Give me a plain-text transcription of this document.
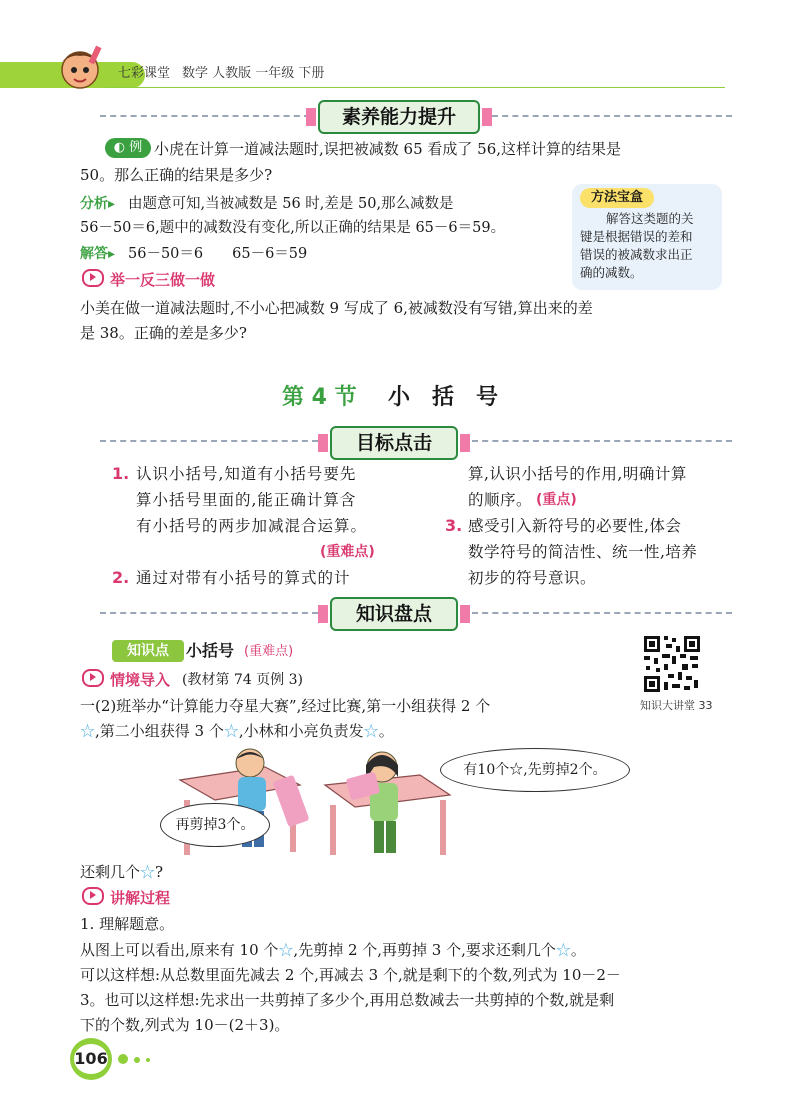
七彩课堂 数学 人教版 一年级 下册
素养能力提升
◐ 例 小虎在计算一道减法题时,误把被减数 65 看成了 56,这样计算的结果是
50。那么正确的结果是多少?
分析▸ 由题意可知,当被减数是 56 时,差是 50,那么减数是
56－50＝6,题中的减数没有变化,所以正确的结果是 65－6＝59。
解答▸ 56－50＝6　　65－6＝59
方法宝盒
解答这类题的关
键是根据错误的差和
错误的被减数求出正
确的减数。
举一反三做一做
小美在做一道减法题时,不小心把减数 9 写成了 6,被减数没有写错,算出来的差
是 38。正确的差是多少?
第 4 节 小　括　号
目标点击
1. 认识小括号,知道有小括号要先
算小括号里面的,能正确计算含
有小括号的两步加减混合运算。
(重难点)
2. 通过对带有小括号的算式的计
算,认识小括号的作用,明确计算
的顺序。 (重点)
3. 感受引入新符号的必要性,体会
数学符号的简洁性、统一性,培养
初步的符号意识。
知识盘点
知识点	小括号 (重难点)
知识大讲堂 33
情境导入 (教材第 74 页例 3)
一(2)班举办“计算能力夺星大赛”,经过比赛,第一小组获得 2 个
☆,第二小组获得 3 个☆,小林和小亮负责发☆。
有10个☆,先剪掉2个。
再剪掉3个。
还剩几个☆?
讲解过程
1. 理解题意。
从图上可以看出,原来有 10 个☆,先剪掉 2 个,再剪掉 3 个,要求还剩几个☆。
可以这样想:从总数里面先减去 2 个,再减去 3 个,就是剩下的个数,列式为 10－2－
3。也可以这样想:先求出一共剪掉了多少个,再用总数减去一共剪掉的个数,就是剩
下的个数,列式为 10－(2＋3)。
106
